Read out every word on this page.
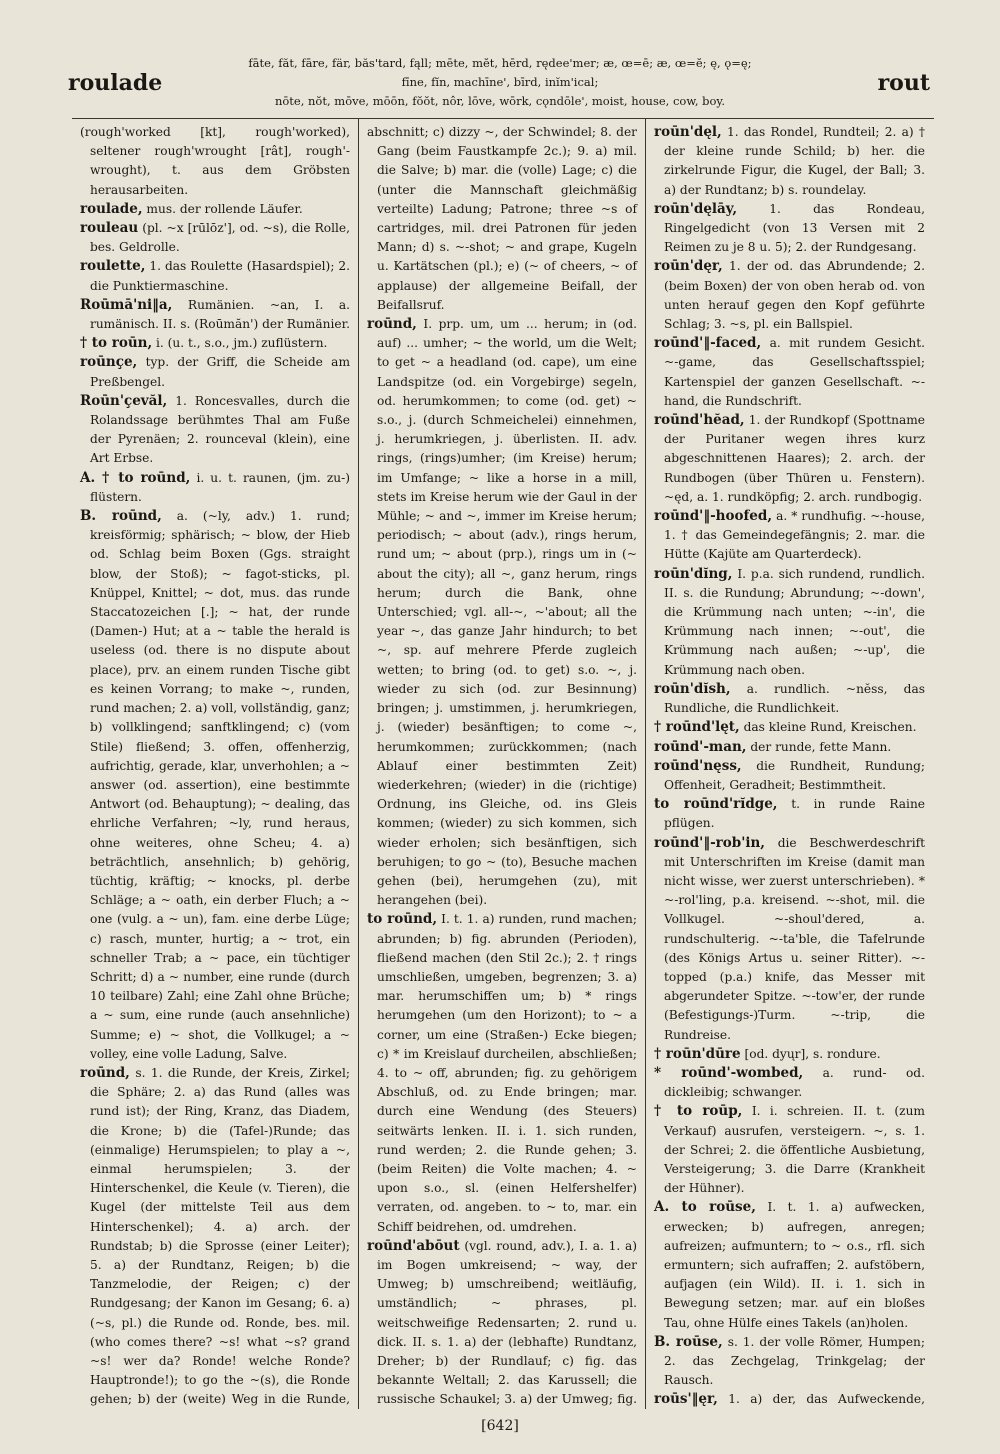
roulade
fāte, făt, fāre, fär, băs'tard, fąll; mēte, mĕt, hērd, rędee'mer; æ, œ=ē; æ, œ=ĕ; ę, ǫ=ę;
fīne, fĭn, machīne', bīrd, inĭm'ical;
nōte, nŏt, mōve, mōōn, fŏŏt, nôr, lōve, wōrk, cǫndōle', moist, house, cow, boy.
rout

(rough'worked [kt], rough'worked), seltener rough'wrought [rât], rough'-wrought), t. aus dem Gröbsten herausarbeiten.

roulade, mus. der rollende Läufer.

rouleau (pl. ~x [rūlōz'], od. ~s), die Rolle, bes. Geldrolle.

roulette, 1. das Roulette (Hasardspiel); 2. die Punktiermaschine.

Roūmā'ni‖a, Rumänien. ~an, I. a. rumänisch. II. s. (Roūmăn') der Rumänier.

† to roūn, i. (u. t., s.o., jm.) zuflüstern.

roūnçe, typ. der Griff, die Scheide am Preßbengel.

Roūn'çevăl, 1. Roncesvalles, durch die Rolandssage berühmtes Thal am Fuße der Pyrenäen; 2. rounceval (klein), eine Art Erbse.

A. † to roūnd, i. u. t. raunen, (jm. zu-) flüstern.

B. roūnd, a. (~ly, adv.) 1. rund; kreisförmig; sphärisch; ~ blow, der Hieb od. Schlag beim Boxen (Ggs. straight blow, der Stoß); ~ fagot-sticks, pl. Knüppel, Knittel; ~ dot, mus. das runde Staccatozeichen [.]; ~ hat, der runde (Damen-) Hut; at a ~ table the herald is useless (od. there is no dispute about place), prv. an einem runden Tische gibt es keinen Vorrang; to make ~, runden, rund machen; 2. a) voll, vollständig, ganz; b) vollklingend; sanftklingend; c) (vom Stile) fließend; 3. offen, offenherzig, aufrichtig, gerade, klar, unverhohlen; a ~ answer (od. assertion), eine bestimmte Antwort (od. Behauptung); ~ dealing, das ehrliche Verfahren; ~ly, rund heraus, ohne weiteres, ohne Scheu; 4. a) beträchtlich, ansehnlich; b) gehörig, tüchtig, kräftig; ~ knocks, pl. derbe Schläge; a ~ oath, ein derber Fluch; a ~ one (vulg. a ~ un), fam. eine derbe Lüge; c) rasch, munter, hurtig; a ~ trot, ein schneller Trab; a ~ pace, ein tüchtiger Schritt; d) a ~ number, eine runde (durch 10 teilbare) Zahl; eine Zahl ohne Brüche; a ~ sum, eine runde (auch ansehnliche) Summe; e) ~ shot, die Vollkugel; a ~ volley, eine volle Ladung, Salve.

roūnd, s. 1. die Runde, der Kreis, Zirkel; die Sphäre; 2. a) das Rund (alles was rund ist); der Ring, Kranz, das Diadem, die Krone; b) die (Tafel-)Runde; das (einmalige) Herumspielen; to play a ~, einmal herumspielen; 3. der Hinterschenkel, die Keule (v. Tieren), die Kugel (der mittelste Teil aus dem Hinterschenkel); 4. a) arch. der Rundstab; b) die Sprosse (einer Leiter); 5. a) der Rundtanz, Reigen; b) die Tanzmelodie, der Reigen; c) der Rundgesang; der Kanon im Gesang; 6. a) (~s, pl.) die Runde od. Ronde, bes. mil. (who comes there? ~s! what ~s? grand ~s! wer da? Ronde! welche Ronde? Hauptronde!); to go the ~(s), die Ronde gehen; b) der (weite) Weg in die Runde,

abschnitt; c) dizzy ~, der Schwindel; 8. der Gang (beim Faustkampfe 2c.); 9. a) mil. die Salve; b) mar. die (volle) Lage; c) die (unter die Mannschaft gleichmäßig verteilte) Ladung; Patrone; three ~s of cartridges, mil. drei Patronen für jeden Mann; d) s. ~-shot; ~ and grape, Kugeln u. Kartätschen (pl.); e) (~ of cheers, ~ of applause) der allgemeine Beifall, der Beifallsruf.

roūnd, I. prp. um, um ... herum; in (od. auf) ... umher; ~ the world, um die Welt; to get ~ a headland (od. cape), um eine Landspitze (od. ein Vorgebirge) segeln, od. herumkommen; to come (od. get) ~ s.o., j. (durch Schmeichelei) einnehmen, j. herumkriegen, j. überlisten. II. adv. rings, (rings)umher; (im Kreise) herum; im Umfange; ~ like a horse in a mill, stets im Kreise herum wie der Gaul in der Mühle; ~ and ~, immer im Kreise herum; periodisch; ~ about (adv.), rings herum, rund um; ~ about (prp.), rings um in (~ about the city); all ~, ganz herum, rings herum; durch die Bank, ohne Unterschied; vgl. all-~, ~'about; all the year ~, das ganze Jahr hindurch; to bet ~, sp. auf mehrere Pferde zugleich wetten; to bring (od. to get) s.o. ~, j. wieder zu sich (od. zur Besinnung) bringen; j. umstimmen, j. herumkriegen, j. (wieder) besänftigen; to come ~, herumkommen; zurückkommen; (nach Ablauf einer bestimmten Zeit) wiederkehren; (wieder) in die (richtige) Ordnung, ins Gleiche, od. ins Gleis kommen; (wieder) zu sich kommen, sich wieder erholen; sich besänftigen, sich beruhigen; to go ~ (to), Besuche machen gehen (bei), herumgehen (zu), mit herangehen (bei).

to roūnd, I. t. 1. a) runden, rund machen; abrunden; b) fig. abrunden (Perioden), fließend machen (den Stil 2c.); 2. † rings umschließen, umgeben, begrenzen; 3. a) mar. herumschiffen um; b) * rings herumgehen (um den Horizont); to ~ a corner, um eine (Straßen-) Ecke biegen; c) * im Kreislauf durcheilen, abschließen; 4. to ~ off, abrunden; fig. zu gehörigem Abschluß, od. zu Ende bringen; mar. durch eine Wendung (des Steuers) seitwärts lenken. II. i. 1. sich runden, rund werden; 2. die Runde gehen; 3. (beim Reiten) die Volte machen; 4. ~ upon s.o., sl. (einen Helfershelfer) verraten, od. angeben. to ~ to, mar. ein Schiff beidrehen, od. umdrehen.

roūnd'abōut (vgl. round, adv.), I. a. 1. a) im Bogen umkreisend; ~ way, der Umweg; b) umschreibend; weitläufig, umständlich; ~ phrases, pl. weitschweifige Redensarten; 2. rund u. dick. II. s. 1. a) der (lebhafte) Rundtanz, Dreher; b) der Rundlauf; c) fig. das bekannte Weltall; 2. das Karussell; die russische Schaukel; 3. a) der Umweg; fig.

roūn'dęl, 1. das Rondel, Rundteil; 2. a) † der kleine runde Schild; b) her. die zirkelrunde Figur, die Kugel, der Ball; 3. a) der Rundtanz; b) s. roundelay.

roūn'dęlāy,	1. das Rondeau, Ringelgedicht (von 13 Versen mit 2 Reimen zu je 8 u. 5); 2. der Rundgesang.

roūn'dęr, 1. der od. das Abrundende; 2. (beim Boxen) der von oben herab od. von unten herauf gegen den Kopf geführte Schlag; 3. ~s, pl. ein Ballspiel.

roūnd'‖-faced, a. mit rundem Gesicht. ~-game, das Gesellschaftsspiel; Kartenspiel der ganzen Gesellschaft. ~-hand, die Rundschrift.

roūnd'hĕad, 1. der Rundkopf (Spottname der Puritaner wegen ihres kurz abgeschnittenen Haares); 2. arch. der Rundbogen (über Thüren u. Fenstern). ~ęd, a. 1. rundköpfig; 2. arch. rundbogig.

roūnd'‖-hoofed, a. * rundhufig. ~-house, 1. † das Gemeindegefängnis; 2. mar. die Hütte (Kajüte am Quarterdeck).

roūn'dĭng, I. p.a. sich rundend, rundlich. II. s. die Rundung; Abrundung; ~-down', die Krümmung nach unten; ~-in', die Krümmung nach innen; ~-out', die Krümmung nach außen; ~-up', die Krümmung nach oben.

roūn'dĭsh, a. rundlich. ~nĕss, das Rundliche, die Rundlichkeit.

† roūnd'lęt, das kleine Rund, Kreischen.

roūnd'-man, der runde, fette Mann.

roūnd'nęss, die Rundheit, Rundung; Offenheit, Geradheit; Bestimmtheit.

to roūnd'rĭdge, t. in runde Raine pflügen.

roūnd'‖-rob'in, die Beschwerdeschrift mit Unterschriften im Kreise (damit man nicht wisse, wer zuerst unterschrieben). * ~-rol'ling, p.a. kreisend. ~-shot, mil. die Vollkugel. ~-shoul'dered, a. rundschulterig. ~-ta'ble, die Tafelrunde (des Königs Artus u. seiner Ritter). ~-topped (p.a.) knife, das Messer mit abgerundeter Spitze. ~-tow'er, der runde (Befestigungs-)Turm. ~-trip, die Rundreise.

† roūn'dūre [od. dyųr], s. rondure.

* roūnd'-wombed, a. rund- od. dickleibig; schwanger.

† to roūp, I. i. schreien. II. t. (zum Verkauf) ausrufen, versteigern. ~, s. 1. der Schrei; 2. die öffentliche Ausbietung, Versteigerung; 3. die Darre (Krankheit der Hühner).

A. to roūse, I. t. 1. a) aufwecken, erwecken; b) aufregen, anregen; aufreizen; aufmuntern; to ~ o.s., rfl. sich ermuntern; sich aufraffen; 2. aufstöbern, aufjagen (ein Wild). II. i. 1. sich in Bewegung setzen; mar. auf ein bloßes Tau, ohne Hülfe eines Takels (an)holen.

B. roūse, s. 1. der volle Römer, Humpen; 2. das Zechgelag, Trinkgelag; der Rausch.

roūs'‖ęr, 1. a) der, das Aufweckende,

[642]
